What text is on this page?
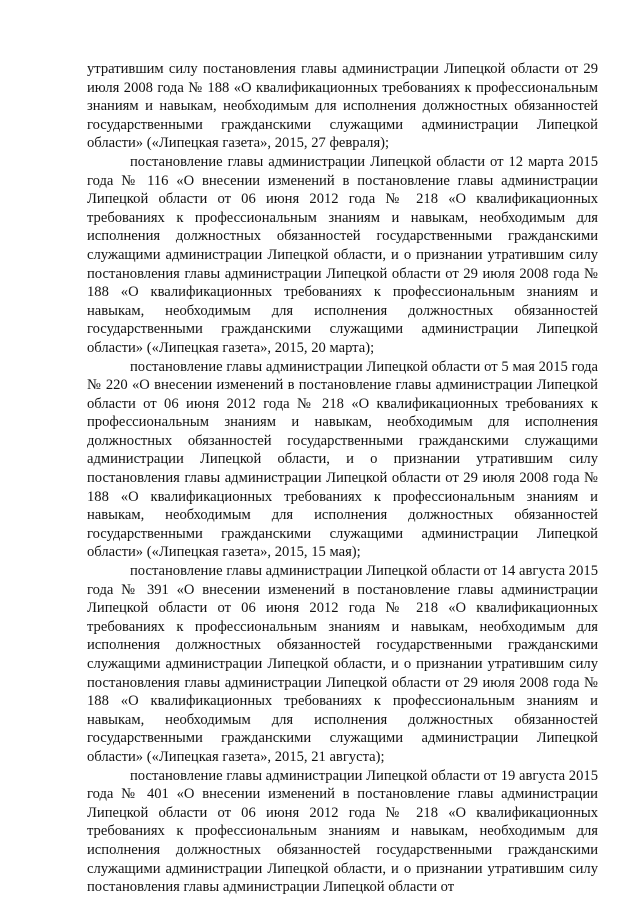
утратившим силу постановления главы администрации Липецкой области от 29 июля 2008 года № 188 «О квалификационных требованиях к профессиональным знаниям и навыкам, необходимым для исполнения должностных обязанностей государственными гражданскими служащими администрации Липецкой области» («Липецкая газета», 2015, 27 февраля);

постановление главы администрации Липецкой области от 12 марта 2015 года № 116 «О внесении изменений в постановление главы администрации Липецкой области от 06 июня 2012 года № 218 «О квалификационных требованиях к профессиональным знаниям и навыкам, необходимым для исполнения должностных обязанностей государственными гражданскими служащими администрации Липецкой области, и о признании утратившим силу постановления главы администрации Липецкой области от 29 июля 2008 года № 188 «О квалификационных требованиях к профессиональным знаниям и навыкам, необходимым для исполнения должностных обязанностей государственными гражданскими служащими администрации Липецкой области» («Липецкая газета», 2015, 20 марта);

постановление главы администрации Липецкой области от 5 мая 2015 года № 220 «О внесении изменений в постановление главы администрации Липецкой области от 06 июня 2012 года № 218 «О квалификационных требованиях к профессиональным знаниям и навыкам, необходимым для исполнения должностных обязанностей государственными гражданскими служащими администрации Липецкой области, и о признании утратившим силу постановления главы администрации Липецкой области от 29 июля 2008 года № 188 «О квалификационных требованиях к профессиональным знаниям и навыкам, необходимым для исполнения должностных обязанностей государственными гражданскими служащими администрации Липецкой области» («Липецкая газета», 2015, 15 мая);

постановление главы администрации Липецкой области от 14 августа 2015 года № 391 «О внесении изменений в постановление главы администрации Липецкой области от 06 июня 2012 года № 218 «О квалификационных требованиях к профессиональным знаниям и навыкам, необходимым для исполнения должностных обязанностей государственными гражданскими служащими администрации Липецкой области, и о признании утратившим силу постановления главы администрации Липецкой области от 29 июля 2008 года № 188 «О квалификационных требованиях к профессиональным знаниям и навыкам, необходимым для исполнения должностных обязанностей государственными гражданскими служащими администрации Липецкой области» («Липецкая газета», 2015, 21 августа);

постановление главы администрации Липецкой области от 19 августа 2015 года № 401 «О внесении изменений в постановление главы администрации Липецкой области от 06 июня 2012 года № 218 «О квалификационных требованиях к профессиональным знаниям и навыкам, необходимым для исполнения должностных обязанностей государственными гражданскими служащими администрации Липецкой области, и о признании утратившим силу постановления главы администрации Липецкой области от
